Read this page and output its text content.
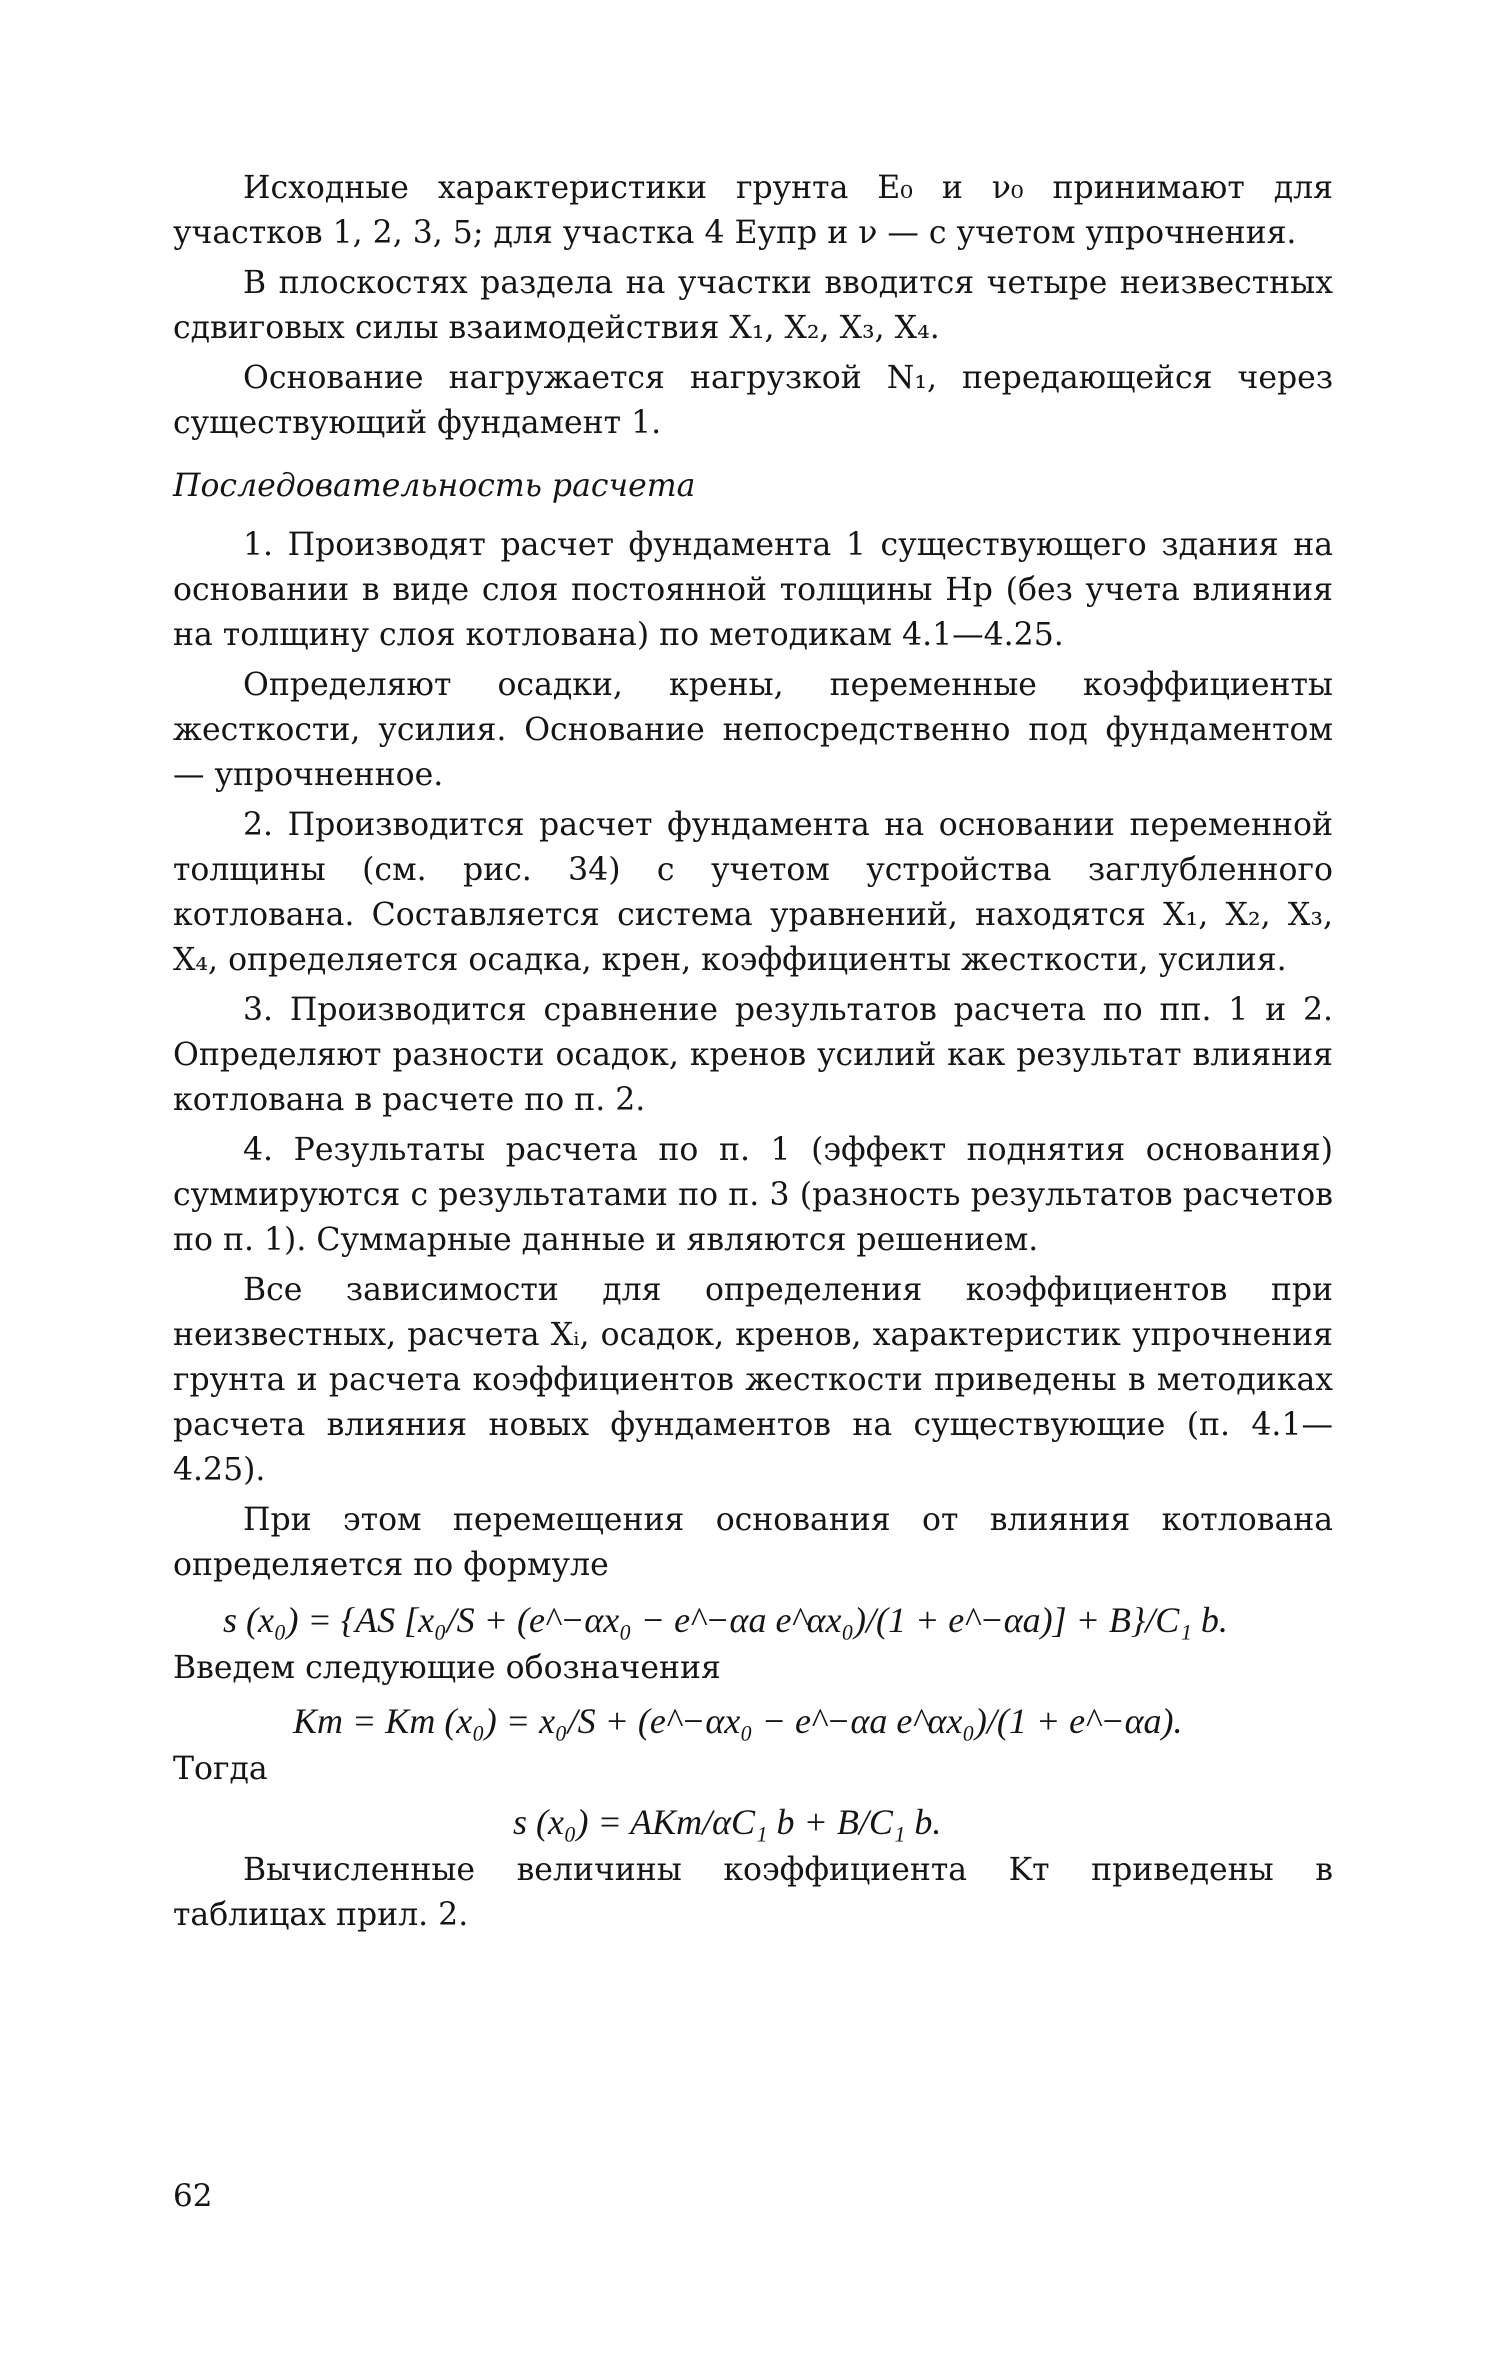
Исходные характеристики грунта E₀ и ν₀ принимают для участков 1, 2, 3, 5; для участка 4 Eупр и ν — с учетом упрочнения.

В плоскостях раздела на участки вводится четыре неизвестных сдвиговых силы взаимодействия X₁, X₂, X₃, X₄.

Основание нагружается нагрузкой N₁, передающейся через существующий фундамент 1.

Последовательность расчета

1. Производят расчет фундамента 1 существующего здания на основании в виде слоя постоянной толщины Hр (без учета влияния на толщину слоя котлована) по методикам 4.1—4.25.

Определяют осадки, крены, переменные коэффициенты жесткости, усилия. Основание непосредственно под фундаментом — упрочненное.

2. Производится расчет фундамента на основании переменной толщины (см. рис. 34) с учетом устройства заглубленного котлована. Составляется система уравнений, находятся X₁, X₂, X₃, X₄, определяется осадка, крен, коэффициенты жесткости, усилия.

3. Производится сравнение результатов расчета по пп. 1 и 2. Определяют разности осадок, кренов усилий как результат влияния котлована в расчете по п. 2.

4. Результаты расчета по п. 1 (эффект поднятия основания) суммируются с результатами по п. 3 (разность результатов расчетов по п. 1). Суммарные данные и являются решением.

Все зависимости для определения коэффициентов при неизвестных, расчета Xᵢ, осадок, кренов, характеристик упрочнения грунта и расчета коэффициентов жесткости приведены в методиках расчета влияния новых фундаментов на существующие (п. 4.1—4.25).

При этом перемещения основания от влияния котлована определяется по формуле

s (x₀) = {AS [x₀/S + (e^−αx₀ − e^−αa e^αx₀)/(1 + e^−αa)] + B}/C₁ b.

Введем следующие обозначения

Kт = Kт (x₀) = x₀/S + (e^−αx₀ − e^−αa e^αx₀)/(1 + e^−αa).

Тогда

s (x₀) = AKт/αC₁ b + B/C₁ b.

Вычисленные величины коэффициента Kт приведены в таблицах прил. 2.

62
